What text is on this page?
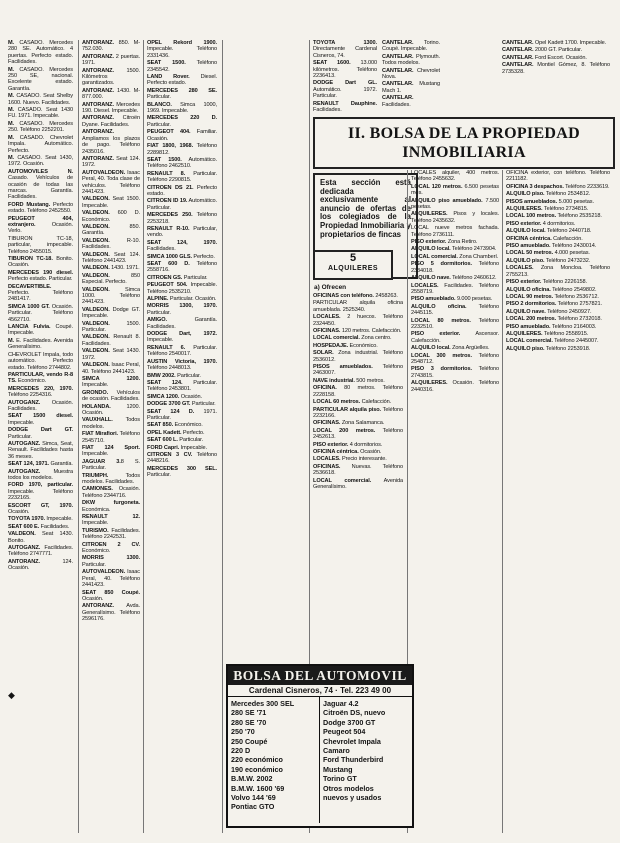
M. CASADO. Mercedes 280 SE. Automático. 4 puertas. Perfecto estado. Facilidades.

M. CASADO. Mercedes 250 SE, nacional. Excelente estado. Garantía.

M. CASADO. Seat Shelby 1600. Nuevo. Facilidades.

M. CASADO. Seat 1430 FU. 1971. Impecable.

M. CASADO. Mercedes 250. Teléfono 2252201.

M. CASADO. Chevrolet Impala. Automático. Perfecto.

M. CASADO. Seat 1430, 1972. Ocasión.

AUTOMOVILES N. Casado. Vehículos de ocasión de todas las marcas. Garantía. Facilidades.

FORD Mustang. Perfecto estado. Teléfono 2452550.

PEUGEOT 404, extranjero. Ocasión. Verlo.

TIBURON TC-18, particular, impecable. Teléfono 2455015.

TIBURON TC-18. Bonito. Ocasión.

MERCEDES 190 diesel. Perfecto estado. Particular.

DECAVERTIBLE. Perfecto. Teléfono 2481417.

SIMCA 1000 GT. Ocasión. Particular. Teléfono 4562710.

LANCIA Fulvia. Coupé. Impecable.

M. E. Facilidades. Avenida Generalísimo.

CHEVROLET Impala, todo automático. Perfecto estado. Teléfono 2744802.

PARTICULAR, vendo R-8 TS. Económico.

MERCEDES 220, 1970. Teléfono 2254316.

AUTOGANZ. Ocasión. Facilidades.

SEAT 1500 diesel. Impecable.

DODGE Dart GT. Particular.

AUTOGANZ. Simca, Seat, Renault. Facilidades hasta 36 meses.

SEAT 124, 1971. Garantía.

AUTOGANZ. Muestra todos los modelos.

FORD 1970, particular. Impecable. Teléfono 2232165.

ESCORT GT, 1970. Ocasión.

TOYOTA 1970. Impecable.

SEAT 600 E. Facilidades.

VALDEON. Seat 1430. Bonito.

AUTOGANZ. Facilidades. Teléfono 2747771.

ANTORANZ. 124. Ocasión.

ANTORANZ. 850. M-752.030.

ANTORANZ. 2 puertas. 1971.

ANTORANZ. 1500. Kilómetros garantizados.

ANTORANZ. 1430. M-877.000.

ANTORANZ. Mercedes 190. Diesel. Impecable.

ANTORANZ. Citroën Dyane. Facilidades.

ANTORANZ. Ampliamos los plazos de pago. Teléfono 2435016.

ANTORANZ. Seat 124. 1972.

AUTOVALDEON. Isaac Peral, 40. Toda clase de vehículos. Teléfono 2441423.

VALDEON. Seat 1500. Impecable.

VALDEON. 600 D. Económico.

VALDEON. 850. Garantía.

VALDEON. R-10. Facilidades.

VALDEON. Seat 124. Teléfono 2441423.

VALDEON. 1430. 1971.

VALDEON. 850 Especial. Perfecto.

VALDEON. Simca 1000. Teléfono 2441423.

VALDEON. Dodge GT. Impecable.

VALDEON. 1500. Particular.

VALDEON. Renault 8. Facilidades.

VALDEON. Seat 1430. 1972.

VALDEON. Isaac Peral, 40. Teléfono 2441423.

SIMCA 1200. Impecable.

GRONDO. Vehículos de ocasión. Facilidades.

HOLANDA. 1200. Ocasión.

VAUXHALL. Todos modelos.

FIAT Mirafiori. Teléfono 2545710.

FIAT 124 Sport. Impecable.

JAGUAR 3.8 S. Particular.

TRIUMPH. Todos modelos. Facilidades.

CAMIONES. Ocasión. Teléfono 2344716.

DKW furgoneta. Económica.

RENAULT 12. Impecable.

TURISMO. Facilidades. Teléfono 2242531.

CITROEN 2 CV. Económico.

MORRIS 1300. Particular.

AUTOVALDEON. Isaac Peral, 40. Teléfono 2441423.

SEAT 850 Coupé. Ocasión.

ANTORANZ. Avda. Generalísimo. Teléfono 2596176.

OPEL Rekord 1900. Impecable. Teléfono 2331436.

SEAT 1500. Teléfono 2345542.

LAND Rover. Diesel. Perfecto estado.

MERCEDES 280 SE. Particular.

BLANCO. Simca 1000, 1969. Impecable.

MERCEDES 220 D. Particular.

PEUGEOT 404. Familiar. Ocasión.

FIAT 1800, 1968. Teléfono 2289812.

SEAT 1500. Automático. Teléfono 2462510.

RENAULT 8. Particular. Teléfono 2290815.

CITROEN DS 21. Perfecto estado.

CITROEN ID 19. Automático. Particular.

MERCEDES 250. Teléfono 2253218.

RENAULT R-10. Particular, vendo.

SEAT 124, 1970. Facilidades.

SIMCA 1000 GLS. Perfecto.

SEAT 600 D. Teléfono 2558716.

CITROEN GS. Particular.

PEUGEOT 504. Impecable. Teléfono 2535210.

ALPINE. Particular. Ocasión.

MORRIS 1300, 1970. Particular.

AMIGO. Garantía. Facilidades.

DODGE Dart, 1972. Impecable.

RENAULT 6. Particular. Teléfono 2540017.

AUSTIN Victoria, 1970. Teléfono 2448013.

BMW 2002. Particular.

SEAT 124. Particular. Teléfono 2453801.

SIMCA 1200. Ocasión.

DODGE 3700 GT. Particular.

SEAT 124 D. 1971. Particular.

SEAT 850. Económico.

OPEL Kadett. Perfecto.

SEAT 600 L. Particular.

FORD Capri. Impecable.

CITROEN 3 CV. Teléfono 2448216.

MERCEDES 300 SEL. Particular.

TOYOTA 1300. Directamente Cardenal Cisneros, 74.

SEAT 1600. 13.000 kilómetros. Teléfono 2236413.

DODGE Dart GL. Automático. 1972. Particular.

RENAULT Dauphine. Facilidades.

CANTELAR. Torino. Coupé. Impecable.

CANTELAR. Plymouth. Todos modelos.

CANTELAR. Chevrolet Nova.

CANTELAR. Mustang Mach 1.

CANTELAR. Facilidades.

CANTELAR. Opel Kadett 1700. Impecable.

CANTELAR. 2000 GT. Particular.

CANTELAR. Ford Escort. Ocasión.

CANTELAR. Montiel Gómez, 8. Teléfono 2735328.

II. BOLSA DE LA PROPIEDAD
INMOBILIARIA
Esta sección está dedicada exclusivamente al anuncio de ofertas de los colegiados de la Propiedad Inmobiliaria y propietarios de fincas
5
ALQUILERES
a) Ofrecen

OFICINAS con teléfono. 2458263.

PARTICULAR alquila oficina amueblada. 2525340.

LOCALES. 2 huecos. Teléfono 2324450.

OFICINAS. 120 metros. Calefacción.

LOCAL comercial. Zona centro.

HOSPEDAJE. Económico.

SOLAR. Zona industrial. Teléfono 2536012.

PISOS amueblados. Teléfono 2463007.

NAVE industrial. 500 metros.

OFICINA. 80 metros. Teléfono 2228158.

LOCAL 60 metros. Calefacción.

PARTICULAR alquila piso. Teléfono 2232166.

OFICINAS. Zona Salamanca.

LOCAL 200 metros. Teléfono 2452613.

PISO exterior. 4 dormitorios.

OFICINA céntrica. Ocasión.

LOCALES. Precio interesante.

OFICINAS. Nuevas. Teléfono 2536618.

LOCAL comercial. Avenida Generalísimo.

LOCALES alquiler, 400 metros. Teléfono 2455632.

LOCAL 120 metros. 6.500 pesetas mes.

ALQUILO piso amueblado. 7.500 pesetas.

ALQUILERES. Pisos y locales. Teléfono 2435632.

LOCAL nueve metros fachada. Teléfono 2736111.

PISO exterior. Zona Retiro.

ALQUILO local. Teléfono 2473904.

LOCAL comercial. Zona Chamberí.

PISO 5 dormitorios. Teléfono 2334018.

ALQUILO nave. Teléfono 2460612.

LOCALES. Facilidades. Teléfono 2558719.

PISO amueblado. 9.000 pesetas.

ALQUILO oficina. Teléfono 2445115.

LOCAL 80 metros. Teléfono 2232510.

PISO exterior. Ascensor. Calefacción.

ALQUILO local. Zona Argüelles.

LOCAL 300 metros. Teléfono 2548712.

PISO 3 dormitorios. Teléfono 2743815.

ALQUILERES. Ocasión. Teléfono 2440316.

OFICINA exterior, con teléfono. Teléfono 2211182.

OFICINA 3 despachos. Teléfono 2233619.

ALQUILO piso. Teléfono 2534812.

PISOS amueblados. 5.000 pesetas.

ALQUILERES. Teléfono 2734815.

LOCAL 100 metros. Teléfono 2535218.

PISO exterior. 4 dormitorios.

ALQUILO local. Teléfono 2440718.

OFICINA céntrica. Calefacción.

PISO amueblado. Teléfono 2430014.

LOCAL 50 metros. 4.000 pesetas.

ALQUILO piso. Teléfono 2473232.

LOCALES. Zona Moncloa. Teléfono 2755213.

PISO exterior. Teléfono 2226158.

ALQUILO oficina. Teléfono 2549802.

LOCAL 90 metros. Teléfono 2536712.

PISO 2 dormitorios. Teléfono 2757821.

ALQUILO nave. Teléfono 2450927.

LOCAL 200 metros. Teléfono 2732018.

PISO amueblado. Teléfono 2164003.

ALQUILERES. Teléfono 2558915.

LOCAL comercial. Teléfono 2445007.

ALQUILO piso. Teléfono 2253918.

BOLSA DEL AUTOMOVIL
Cardenal Cisneros, 74 · Tel. 223 49 00
Mercedes 300 SEL
280 SE '71
280 SE '70
250 '70
250 Coupé
220 D
220 económico
190 económico
B.M.W. 2002
B.M.W. 1600 '69
Volvo 144 '69
Pontiac GTO
Jaguar 4.2
Citroën DS, nuevo
Dodge 3700 GT
Peugeot 504
Chevrolet Impala
Camaro
Ford Thunderbird
Mustang
Torino GT
Otros modelos
nuevos y usados
◆
